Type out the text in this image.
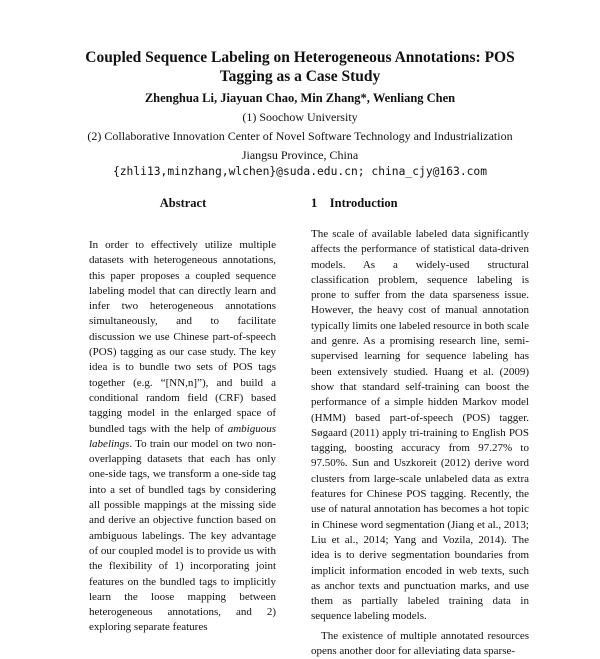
Coupled Sequence Labeling on Heterogeneous Annotations: POS Tagging as a Case Study
Zhenghua Li, Jiayuan Chao, Min Zhang*, Wenliang Chen
(1) Soochow University
(2) Collaborative Innovation Center of Novel Software Technology and Industrialization
Jiangsu Province, China
{zhli13,minzhang,wlchen}@suda.edu.cn; china_cjy@163.com
Abstract	1    Introduction

In order to effectively utilize multiple datasets with heterogeneous annotations, this paper proposes a coupled sequence labeling model that can directly learn and infer two heterogeneous annotations simultaneously, and to facilitate discussion we use Chinese part-of-speech (POS) tagging as our case study. The key idea is to bundle two sets of POS tags together (e.g. “[NN,n]”), and build a conditional random field (CRF) based tagging model in the enlarged space of bundled tags with the help of ambiguous labelings. To train our model on two non-overlapping datasets that each has only one-side tags, we transform a one-side tag into a set of bundled tags by considering all possible mappings at the missing side and derive an objective function based on ambiguous labelings. The key advantage of our coupled model is to provide us with the flexibility of 1) incorporating joint features on the bundled tags to implicitly learn the loose mapping between heterogeneous annotations, and 2) exploring separate features

The scale of available labeled data significantly affects the performance of statistical data-driven models. As a widely-used structural classification problem, sequence labeling is prone to suffer from the data sparseness issue. However, the heavy cost of manual annotation typically limits one labeled resource in both scale and genre. As a promising research line, semi-supervised learning for sequence labeling has been extensively studied. Huang et al. (2009) show that standard self-training can boost the performance of a simple hidden Markov model (HMM) based part-of-speech (POS) tagger. Søgaard (2011) apply tri-training to English POS tagging, boosting accuracy from 97.27% to 97.50%. Sun and Uszkoreit (2012) derive word clusters from large-scale unlabeled data as extra features for Chinese POS tagging. Recently, the use of natural annotation has becomes a hot topic in Chinese word segmentation (Jiang et al., 2013; Liu et al., 2014; Yang and Vozila, 2014). The idea is to derive segmentation boundaries from implicit information encoded in web texts, such as anchor texts and punctuation marks, and use them as partially labeled training data in sequence labeling models.

The existence of multiple annotated resources opens another door for alleviating data sparse-
